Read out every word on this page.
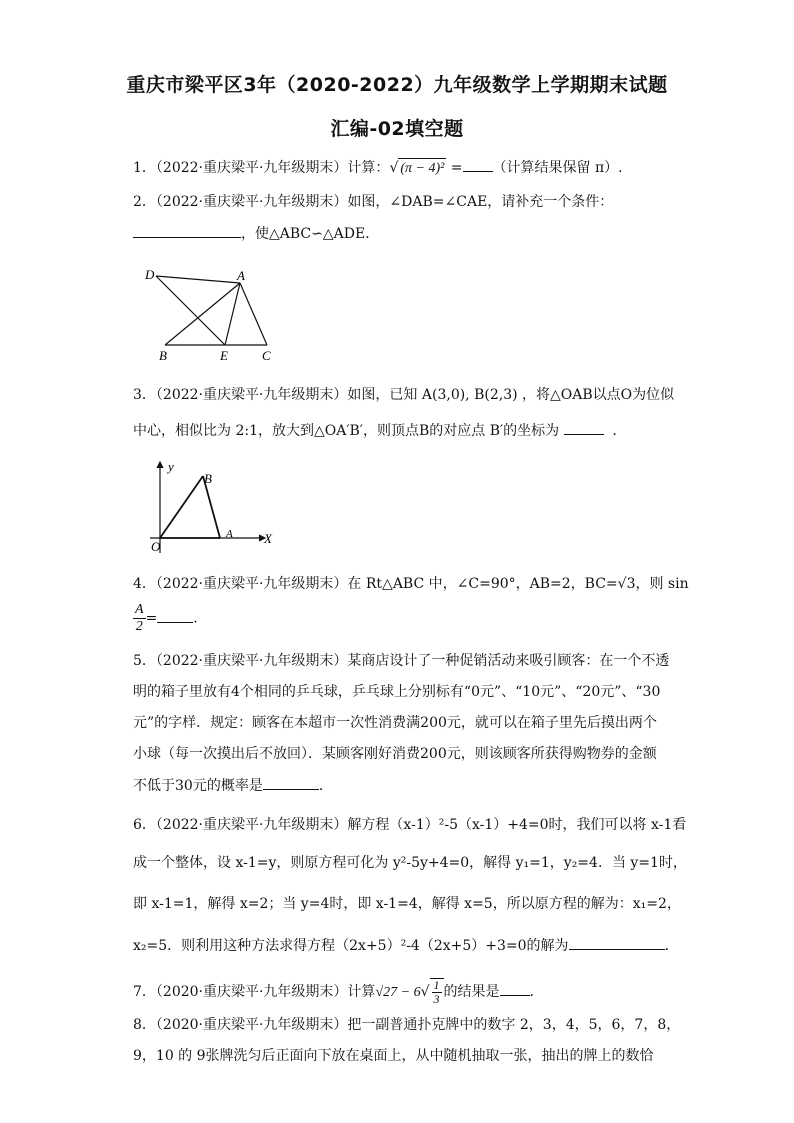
重庆市梁平区3年（2020-2022）九年级数学上学期期末试题
汇编-02填空题
1．（2022·重庆梁平·九年级期末）计算：√ (π − 4)² = （计算结果保留 π）.
2．（2022·重庆梁平·九年级期末）如图，∠DAB=∠CAE，请补充一个条件：
，使△ABC∽△ADE．
D	A
B	E	C
3．（2022·重庆梁平·九年级期末）如图，已知 A(3,0), B(2,3) ，将△OAB以点O为位似
中心，相似比为 2:1，放大到△OA′B′，则顶点B的对应点 B′的坐标为	．
y
B
A
O
X
4．（2022·重庆梁平·九年级期末）在 Rt△ABC 中，∠C=90°，AB=2，BC=√3，则 sin
$\frac{A}{2}$ =	.
5．（2022·重庆梁平·九年级期末）某商店设计了一种促销活动来吸引顾客：在一个不透
明的箱子里放有4个相同的乒乓球，乒乓球上分别标有“0元”、“10元”、“20元”、“30
元”的字样．规定：顾客在本超市一次性消费满200元，就可以在箱子里先后摸出两个
小球（每一次摸出后不放回）．某顾客刚好消费200元，则该顾客所获得购物券的金额
不低于30元的概率是	．
6．（2022·重庆梁平·九年级期末）解方程（x-1）²-5（x-1）+4=0时，我们可以将 x-1看
成一个整体，设 x-1=y，则原方程可化为 y²-5y+4=0，解得 y₁=1，y₂=4．当 y=1时，
即 x-1=1，解得 x=2；当 y=4时，即 x-1=4，解得 x=5，所以原方程的解为：x₁=2，
x₂=5．则利用这种方法求得方程（2x+5）²-4（2x+5）+3=0的解为	．
7．（2020·重庆梁平·九年级期末）计算$√27 - 6√ \frac{1}{3}$ 的结果是 ．
8．（2020·重庆梁平·九年级期末）把一副普通扑克牌中的数字 2，3，4，5，6，7，8，
9，10 的 9张牌洗匀后正面向下放在桌面上，从中随机抽取一张，抽出的牌上的数恰
